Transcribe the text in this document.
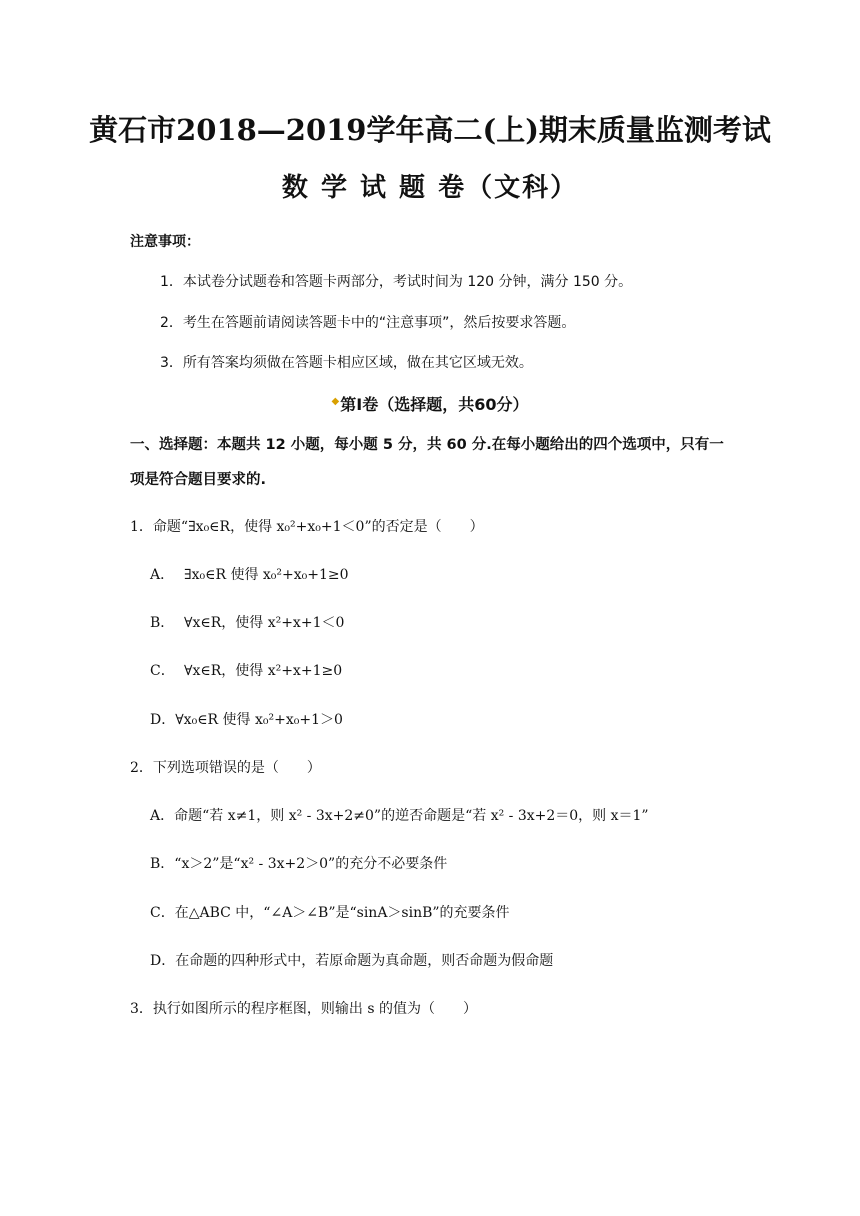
黄石市2018—2019学年高二(上)期末质量监测考试
数 学 试 题 卷（文科）
注意事项：
1．本试卷分试题卷和答题卡两部分，考试时间为 120 分钟，满分 150 分。
2．考生在答题前请阅读答题卡中的“注意事项”，然后按要求答题。
3．所有答案均须做在答题卡相应区域，做在其它区域无效。
◆第Ⅰ卷（选择题，共60分）
一、选择题：本题共 12 小题，每小题 5 分，共 60 分.在每小题给出的四个选项中，只有一
项是符合题目要求的.
1．命题“∃x₀∈R，使得 x₀²+x₀+1＜0”的否定是（　　）
A． ∃x₀∈R 使得 x₀²+x₀+1≥0
B． ∀x∈R，使得 x²+x+1＜0
C． ∀x∈R，使得 x²+x+1≥0
D．∀x₀∈R 使得 x₀²+x₀+1＞0
2．下列选项错误的是（　　）
A．命题“若 x≠1，则 x² - 3x+2≠0”的逆否命题是“若 x² - 3x+2＝0，则 x＝1”
B．“x＞2”是“x² - 3x+2＞0”的充分不必要条件
C．在△ABC 中，“∠A＞∠B”是“sinA＞sinB”的充要条件
D．在命题的四种形式中，若原命题为真命题，则否命题为假命题
3．执行如图所示的程序框图，则输出 s 的值为（　　）
